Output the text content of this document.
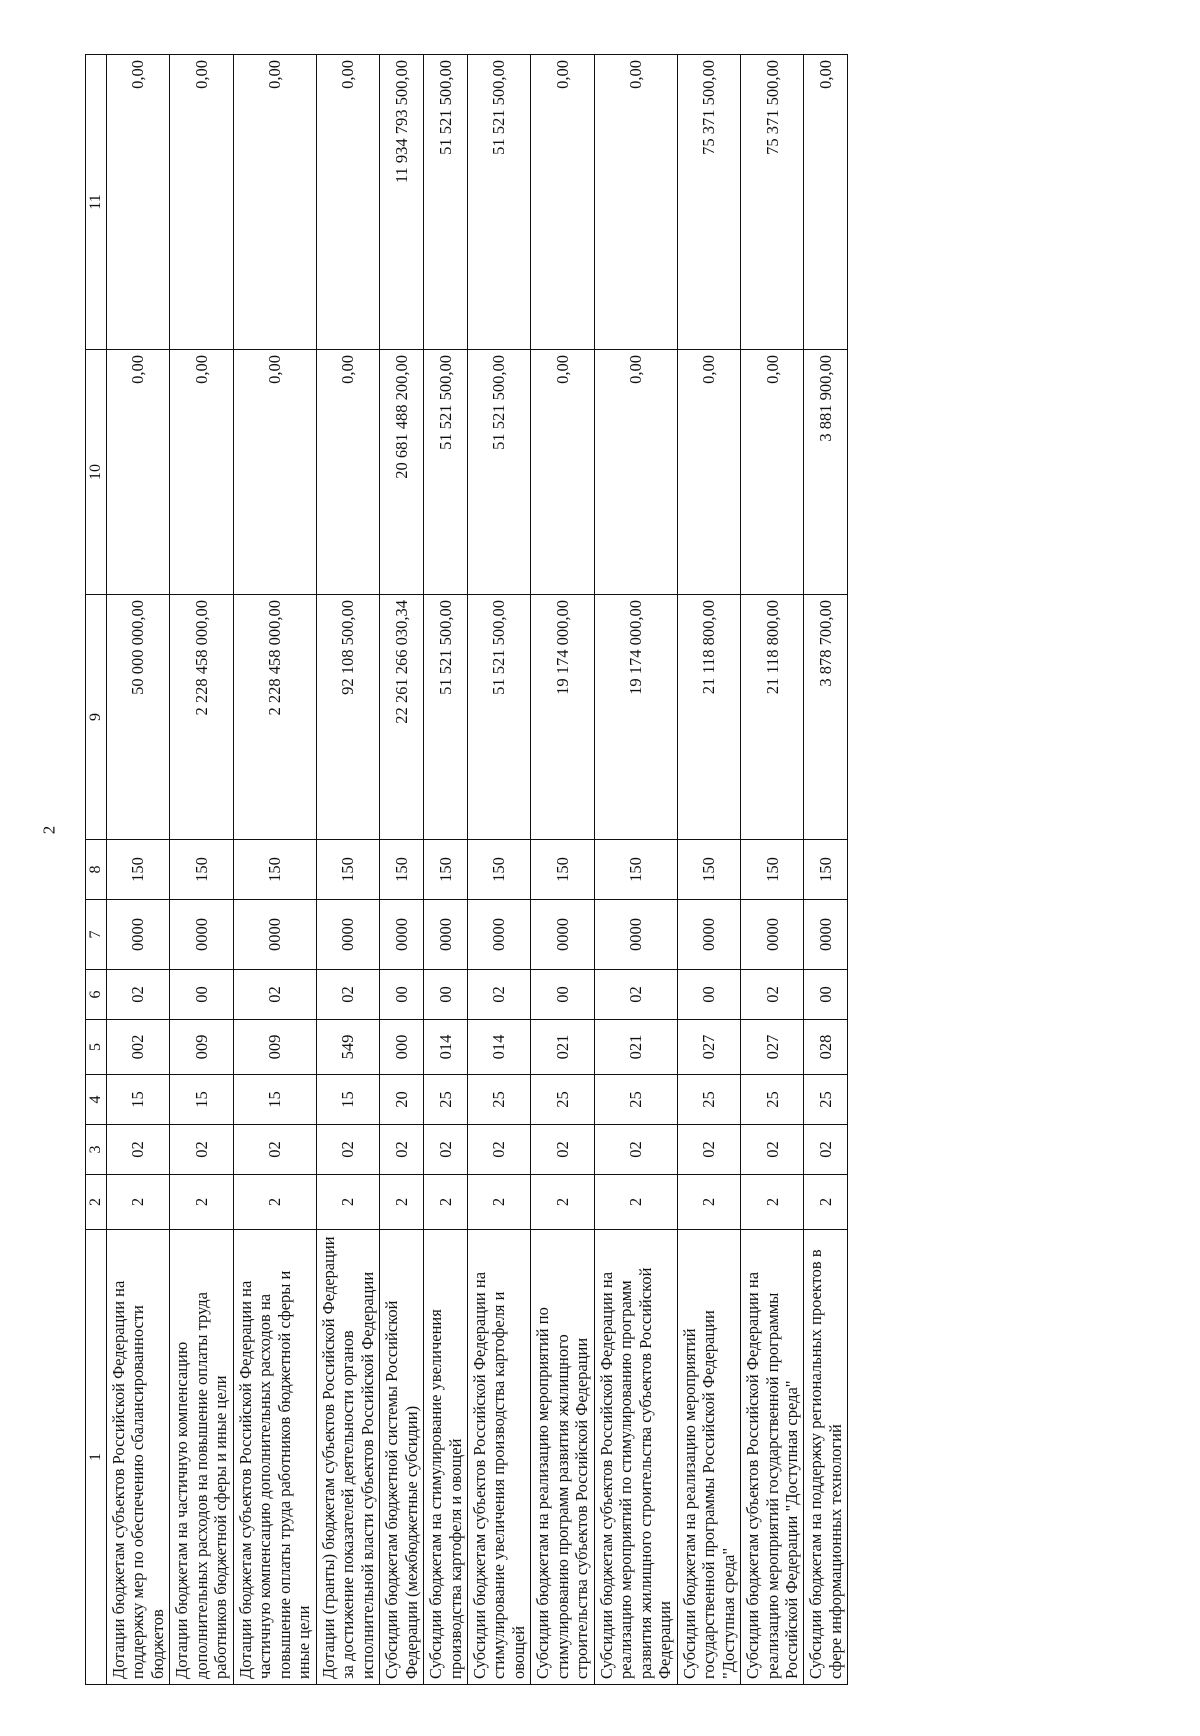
2
1	2	3	4	5	6	7	8	9	10	11
Дотации бюджетам субъектов Российской Федерации на поддержку мер по обеспечению сбалансированности бюджетов	2	02	15	002	02	0000	150	50 000 000,00	0,00	0,00
Дотации бюджетам на частичную компенсацию дополнительных расходов на повышение оплаты труда работников бюджетной сферы и иные цели	2	02	15	009	00	0000	150	2 228 458 000,00	0,00	0,00
Дотации бюджетам субъектов Российской Федерации на частичную компенсацию дополнительных расходов на повышение оплаты труда работников бюджетной сферы и иные цели	2	02	15	009	02	0000	150	2 228 458 000,00	0,00	0,00
Дотации (гранты) бюджетам субъектов Российской Федерации за достижение показателей деятельности органов исполнительной власти субъектов Российской Федерации	2	02	15	549	02	0000	150	92 108 500,00	0,00	0,00
Субсидии бюджетам бюджетной системы Российской Федерации (межбюджетные субсидии)	2	02	20	000	00	0000	150	22 261 266 030,34	20 681 488 200,00	11 934 793 500,00
Субсидии бюджетам на стимулирование увеличения производства картофеля и овощей	2	02	25	014	00	0000	150	51 521 500,00	51 521 500,00	51 521 500,00
Субсидии бюджетам субъектов Российской Федерации на стимулирование увеличения производства картофеля и овощей	2	02	25	014	02	0000	150	51 521 500,00	51 521 500,00	51 521 500,00
Субсидии бюджетам на реализацию мероприятий по стимулированию программ развития жилищного строительства субъектов Российской Федерации	2	02	25	021	00	0000	150	19 174 000,00	0,00	0,00
Субсидии бюджетам субъектов Российской Федерации на реализацию мероприятий по стимулированию программ развития жилищного строительства субъектов Российской Федерации	2	02	25	021	02	0000	150	19 174 000,00	0,00	0,00
Субсидии бюджетам на реализацию мероприятий государственной программы Российской Федерации "Доступная среда"	2	02	25	027	00	0000	150	21 118 800,00	0,00	75 371 500,00
Субсидии бюджетам субъектов Российской Федерации на реализацию мероприятий государственной программы Российской Федерации "Доступная среда"	2	02	25	027	02	0000	150	21 118 800,00	0,00	75 371 500,00
Субсидии бюджетам на поддержку региональных проектов в сфере информационных технологий	2	02	25	028	00	0000	150	3 878 700,00	3 881 900,00	0,00
